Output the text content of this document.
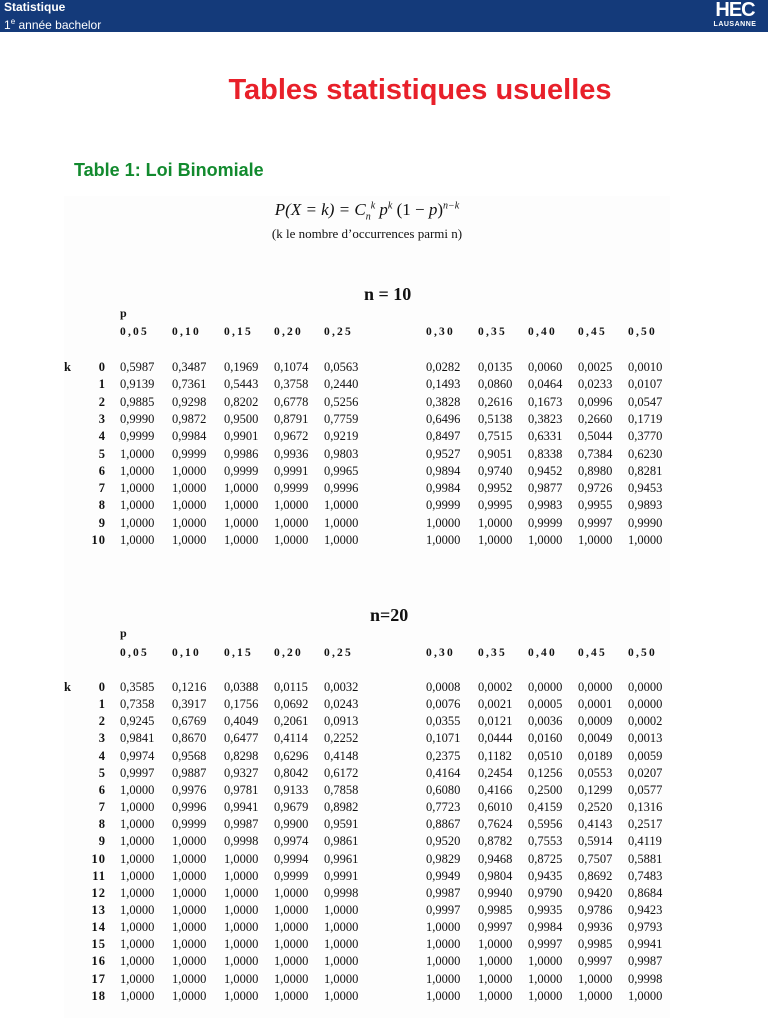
Statistique
1e année bachelor
HEC
LAUSANNE
Tables statistiques usuelles
Table 1: Loi Binomiale
$P(X = k) = C_n^k$ $p^k$ $(1 - p)^{n-k}$
(k le nombre d’occurrences parmi n)
n = 10
p
0,05 0,10 0,15 0,20 0,25	0,30 0,35 0,40 0,45 0,50
k	0 0,5987 0,3487 0,1969 0,1074 0,0563	0,0282 0,0135 0,0060 0,0025 0,0010
1 0,9139 0,7361 0,5443 0,3758 0,2440	0,1493 0,0860 0,0464 0,0233 0,0107
2 0,9885 0,9298 0,8202 0,6778 0,5256	0,3828 0,2616 0,1673 0,0996 0,0547
3 0,9990 0,9872 0,9500 0,8791 0,7759	0,6496 0,5138 0,3823 0,2660 0,1719
4 0,9999 0,9984 0,9901 0,9672 0,9219	0,8497 0,7515 0,6331 0,5044 0,3770
5 1,0000 0,9999 0,9986 0,9936 0,9803	0,9527 0,9051 0,8338 0,7384 0,6230
6 1,0000 1,0000 0,9999 0,9991 0,9965	0,9894 0,9740 0,9452 0,8980 0,8281
7 1,0000 1,0000 1,0000 0,9999 0,9996	0,9984 0,9952 0,9877 0,9726 0,9453
8 1,0000 1,0000 1,0000 1,0000 1,0000	0,9999 0,9995 0,9983 0,9955 0,9893
9 1,0000 1,0000 1,0000 1,0000 1,0000	1,0000 1,0000 0,9999 0,9997 0,9990
10 1,0000 1,0000 1,0000 1,0000 1,0000	1,0000 1,0000 1,0000 1,0000 1,0000
n=20
p
0,05 0,10 0,15 0,20 0,25	0,30 0,35 0,40 0,45 0,50
k	0 0,3585 0,1216 0,0388 0,0115 0,0032	0,0008 0,0002 0,0000 0,0000 0,0000
1 0,7358 0,3917 0,1756 0,0692 0,0243	0,0076 0,0021 0,0005 0,0001 0,0000
2 0,9245 0,6769 0,4049 0,2061 0,0913	0,0355 0,0121 0,0036 0,0009 0,0002
3 0,9841 0,8670 0,6477 0,4114 0,2252	0,1071 0,0444 0,0160 0,0049 0,0013
4 0,9974 0,9568 0,8298 0,6296 0,4148	0,2375 0,1182 0,0510 0,0189 0,0059
5 0,9997 0,9887 0,9327 0,8042 0,6172	0,4164 0,2454 0,1256 0,0553 0,0207
6 1,0000 0,9976 0,9781 0,9133 0,7858	0,6080 0,4166 0,2500 0,1299 0,0577
7 1,0000 0,9996 0,9941 0,9679 0,8982	0,7723 0,6010 0,4159 0,2520 0,1316
8 1,0000 0,9999 0,9987 0,9900 0,9591	0,8867 0,7624 0,5956 0,4143 0,2517
9 1,0000 1,0000 0,9998 0,9974 0,9861	0,9520 0,8782 0,7553 0,5914 0,4119
10 1,0000 1,0000 1,0000 0,9994 0,9961	0,9829 0,9468 0,8725 0,7507 0,5881
11 1,0000 1,0000 1,0000 0,9999 0,9991	0,9949 0,9804 0,9435 0,8692 0,7483
12 1,0000 1,0000 1,0000 1,0000 0,9998	0,9987 0,9940 0,9790 0,9420 0,8684
13 1,0000 1,0000 1,0000 1,0000 1,0000	0,9997 0,9985 0,9935 0,9786 0,9423
14 1,0000 1,0000 1,0000 1,0000 1,0000	1,0000 0,9997 0,9984 0,9936 0,9793
15 1,0000 1,0000 1,0000 1,0000 1,0000	1,0000 1,0000 0,9997 0,9985 0,9941
16 1,0000 1,0000 1,0000 1,0000 1,0000	1,0000 1,0000 1,0000 0,9997 0,9987
17 1,0000 1,0000 1,0000 1,0000 1,0000	1,0000 1,0000 1,0000 1,0000 0,9998
18 1,0000 1,0000 1,0000 1,0000 1,0000	1,0000 1,0000 1,0000 1,0000 1,0000
